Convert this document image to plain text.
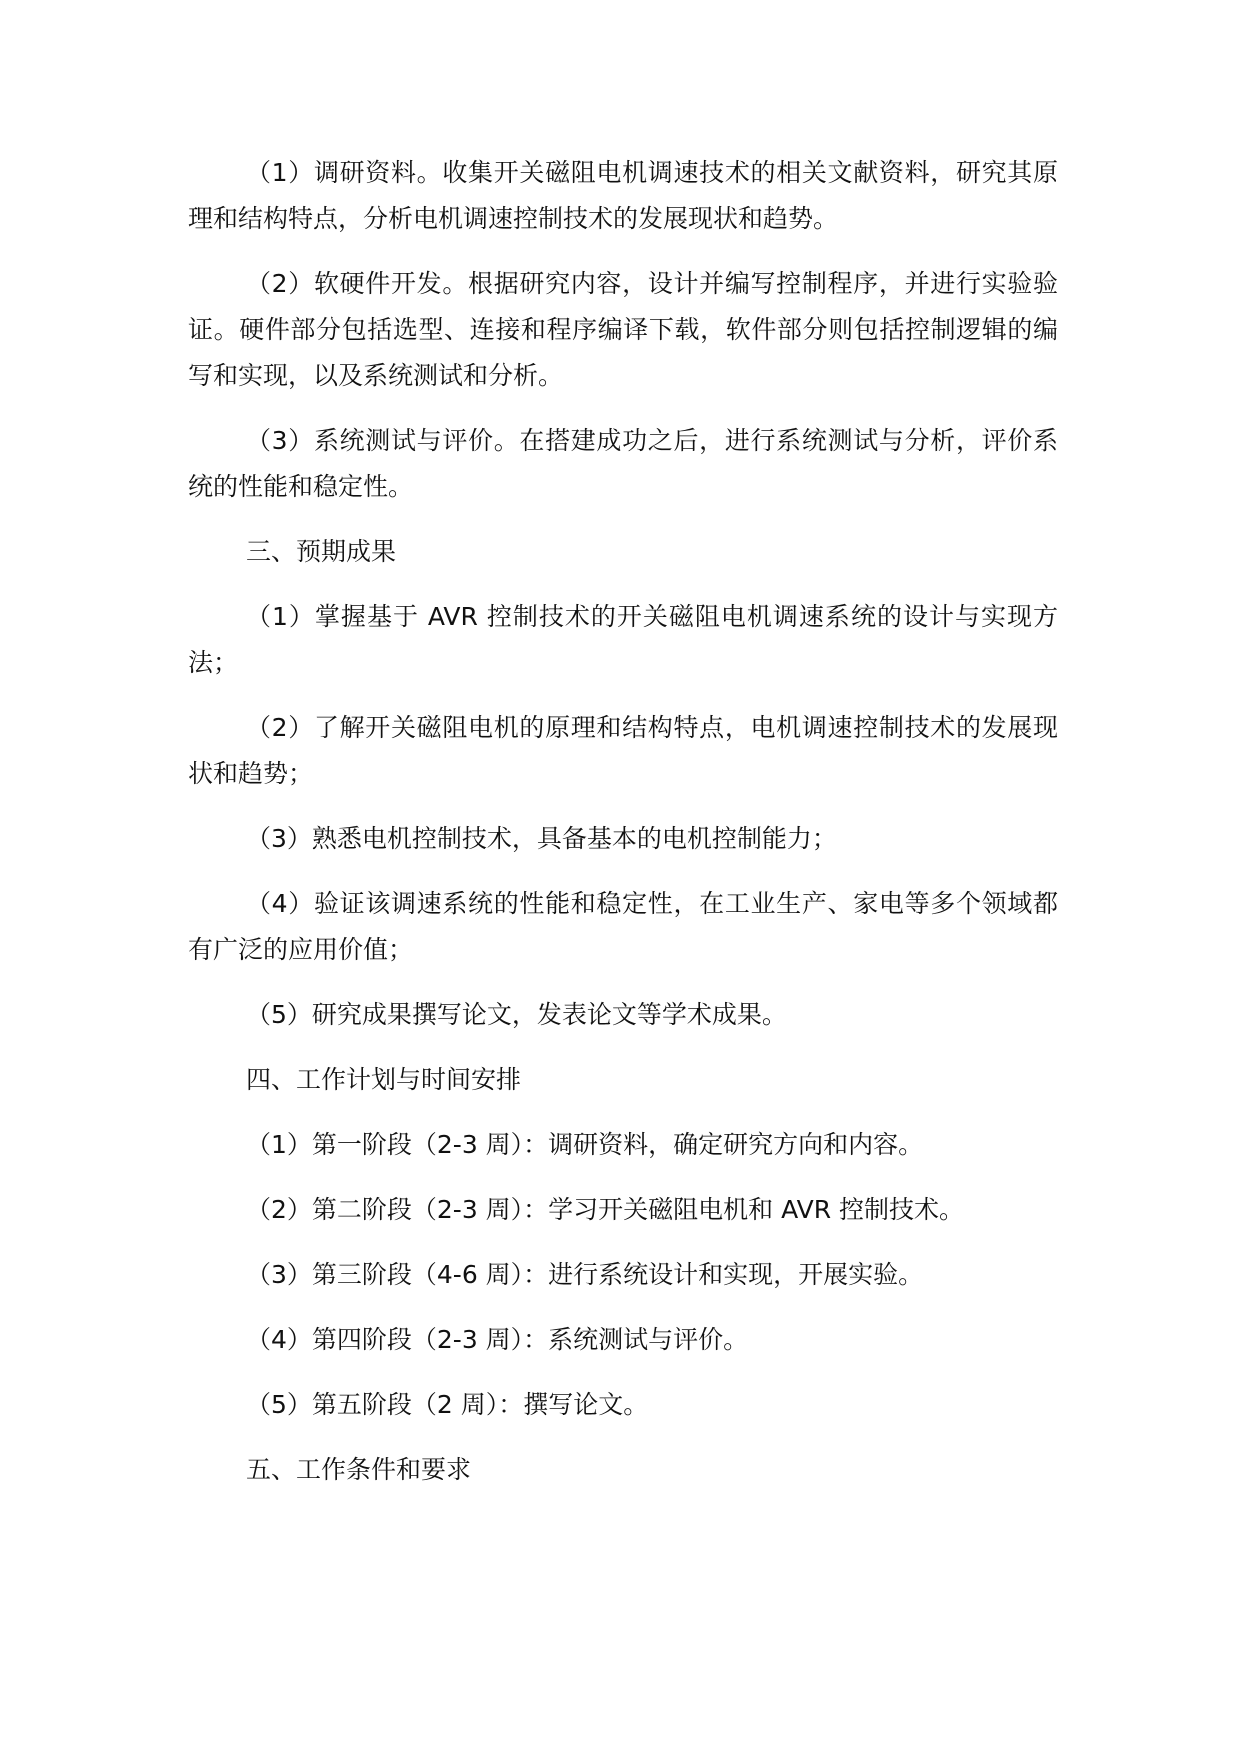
（1）调研资料。收集开关磁阻电机调速技术的相关文献资料，研究其原理和结构特点，分析电机调速控制技术的发展现状和趋势。

（2）软硬件开发。根据研究内容，设计并编写控制程序，并进行实验验证。硬件部分包括选型、连接和程序编译下载，软件部分则包括控制逻辑的编写和实现，以及系统测试和分析。

（3）系统测试与评价。在搭建成功之后，进行系统测试与分析，评价系统的性能和稳定性。

三、预期成果

（1）掌握基于 AVR 控制技术的开关磁阻电机调速系统的设计与实现方法；

（2）了解开关磁阻电机的原理和结构特点，电机调速控制技术的发展现状和趋势；

（3）熟悉电机控制技术，具备基本的电机控制能力；

（4）验证该调速系统的性能和稳定性，在工业生产、家电等多个领域都有广泛的应用价值；

（5）研究成果撰写论文，发表论文等学术成果。

四、工作计划与时间安排

（1）第一阶段（2-3 周）：调研资料，确定研究方向和内容。

（2）第二阶段（2-3 周）：学习开关磁阻电机和 AVR 控制技术。

（3）第三阶段（4-6 周）：进行系统设计和实现，开展实验。

（4）第四阶段（2-3 周）：系统测试与评价。

（5）第五阶段（2 周）：撰写论文。

五、工作条件和要求
